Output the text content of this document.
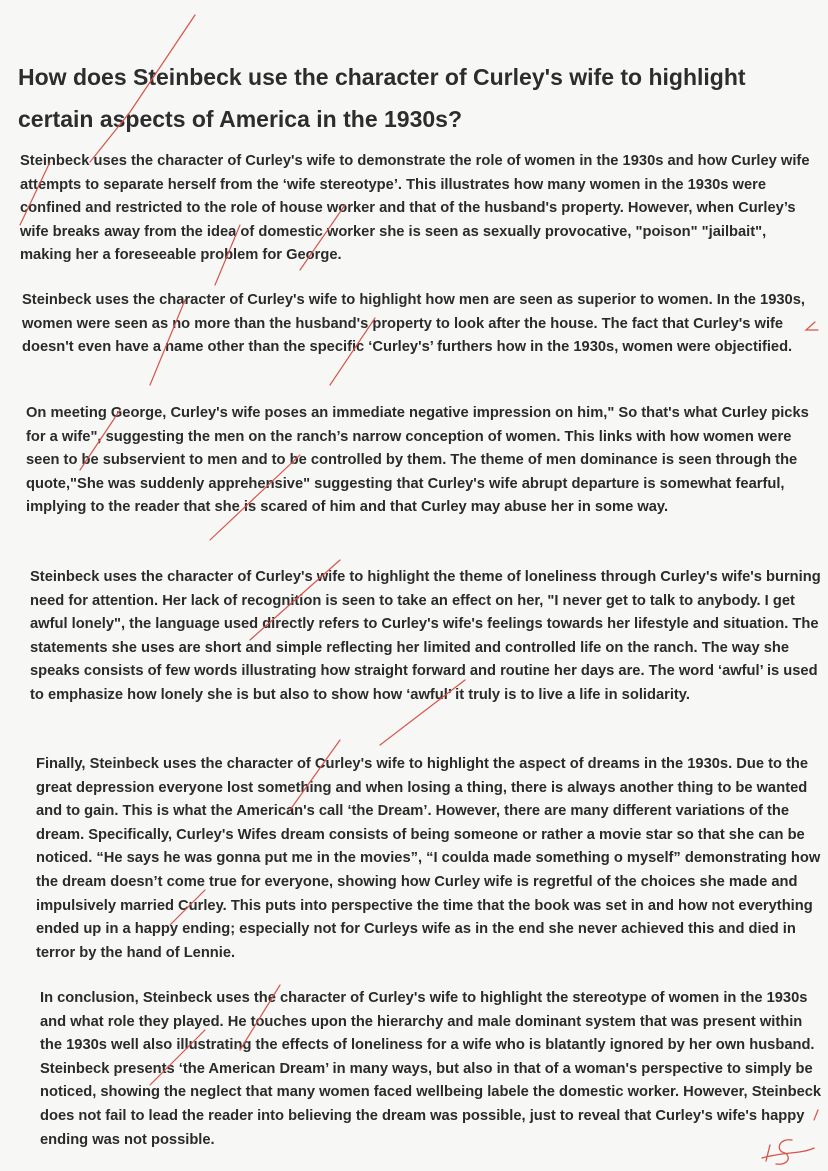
How does Steinbeck use the character of Curley's wife to highlight certain aspects of America in the 1930s?

Steinbeck uses the character of Curley's wife to demonstrate the role of women in the 1930s and how Curley wife attempts to separate herself from the ‘wife stereotype’. This illustrates how many women in the 1930s were confined and restricted to the role of house worker and that of the husband's property. However, when Curley’s wife breaks away from the idea of domestic worker she is seen as sexually provocative, "poison" "jailbait", making her a foreseeable problem for George.

Steinbeck uses the character of Curley's wife to highlight how men are seen as superior to women. In the 1930s, women were seen as no more than the husband's property to look after the house. The fact that Curley's wife doesn't even have a name other than the specific ‘Curley's’ furthers how in the 1930s, women were objectified.

On meeting George, Curley's wife poses an immediate negative impression on him," So that's what Curley picks for a wife", suggesting the men on the ranch’s narrow conception of women. This links with how women were seen to be subservient to men and to be controlled by them. The theme of men dominance is seen through the quote,"She was suddenly apprehensive" suggesting that Curley's wife abrupt departure is somewhat fearful, implying to the reader that she is scared of him and that Curley may abuse her in some way.

Steinbeck uses the character of Curley's wife to highlight the theme of loneliness through Curley's wife's burning need for attention. Her lack of recognition is seen to take an effect on her, "I never get to talk to anybody. I get awful lonely", the language used directly refers to Curley's wife's feelings towards her lifestyle and situation. The statements she uses are short and simple reflecting her limited and controlled life on the ranch. The way she speaks consists of few words illustrating how straight forward and routine her days are. The word ‘awful’ is used to emphasize how lonely she is but also to show how ‘awful’ it truly is to live a life in solidarity.

Finally, Steinbeck uses the character of Curley's wife to highlight the aspect of dreams in the 1930s. Due to the great depression everyone lost something and when losing a thing, there is always another thing to be wanted and to gain. This is what the American's call ‘the Dream’. However, there are many different variations of the dream. Specifically, Curley's Wifes dream consists of being someone or rather a movie star so that she can be noticed. “He says he was gonna put me in the movies”, “I coulda made something o myself” demonstrating how the dream doesn’t come true for everyone, showing how Curley wife is regretful of the choices she made and impulsively married Curley. This puts into perspective the time that the book was set in and how not everything ended up in a happy ending; especially not for Curleys wife as in the end she never achieved this and died in terror by the hand of Lennie.

In conclusion, Steinbeck uses the character of Curley's wife to highlight the stereotype of women in the 1930s and what role they played. He touches upon the hierarchy and male dominant system that was present within the 1930s well also illustrating the effects of loneliness for a wife who is blatantly ignored by her own husband. Steinbeck presents ‘the American Dream’ in many ways, but also in that of a woman's perspective to simply be noticed, showing the neglect that many women faced wellbeing labele the domestic worker. However, Steinbeck does not fail to lead the reader into believing the dream was possible, just to reveal that Curley's wife's happy ending was not possible.
